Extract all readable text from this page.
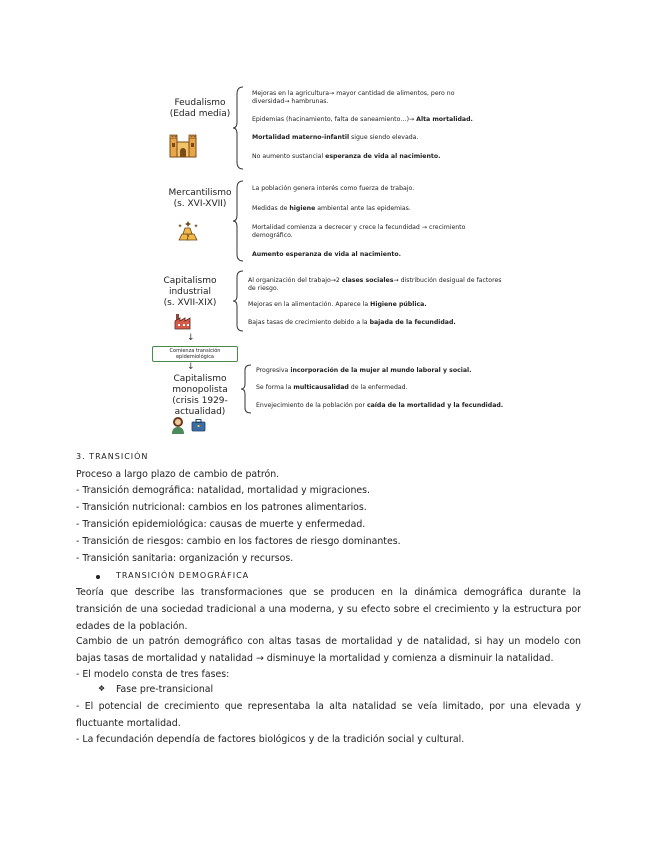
Feudalismo
(Edad media)
Mejoras en la agricultura→ mayor cantidad de alimentos, pero no diversidad→ hambrunas.
Epidemias (hacinamiento, falta de saneamiento…)→ Alta mortalidad.
Mortalidad materno-infantil sigue siendo elevada.
No aumento sustancial esperanza de vida al nacimiento.
Mercantilismo
(s. XVI-XVII)
La población genera interés como fuerza de trabajo.
Medidas de higiene ambiental ante las epidemias.
Mortalidad comienza a decrecer y crece la fecundidad → crecimiento demográfico.
Aumento esperanza de vida al nacimiento.
Capitalismo industrial
(s. XVII-XIX)
Al organización del trabajo→2 clases sociales→ distribución desigual de factores de riesgo.
Mejoras en la alimentación. Aparece la Higiene pública.
Bajas tasas de crecimiento debido a la bajada de la fecundidad.
↓
Comienza transición epidemiológica
↓
Capitalismo monopolista
(crisis 1929-actualidad)
Progresiva incorporación de la mujer al mundo laboral y social.
Se forma la multicausalidad de la enfermedad.
Envejecimiento de la población por caída de la mortalidad y la fecundidad.
3. TRANSICIÓN
Proceso a largo plazo de cambio de patrón.
- Transición demográfica: natalidad, mortalidad y migraciones.
- Transición nutricional: cambios en los patrones alimentarios.
- Transición epidemiológica: causas de muerte y enfermedad.
- Transición de riesgos: cambio en los factores de riesgo dominantes.
- Transición sanitaria: organización y recursos.
TRANSICIÓN DEMOGRÁFICA
Teoría que describe las transformaciones que se producen en la dinámica demográfica durante la transición de una sociedad tradicional a una moderna, y su efecto sobre el crecimiento y la estructura por edades de la población.
Cambio de un patrón demográfico con altas tasas de mortalidad y de natalidad, si hay un modelo con bajas tasas de mortalidad y natalidad → disminuye la mortalidad y comienza a disminuir la natalidad.
- El modelo consta de tres fases:
❖ Fase pre-transicional
- El potencial de crecimiento que representaba la alta natalidad se veía limitado, por una elevada y fluctuante mortalidad.
- La fecundación dependía de factores biológicos y de la tradición social y cultural.
